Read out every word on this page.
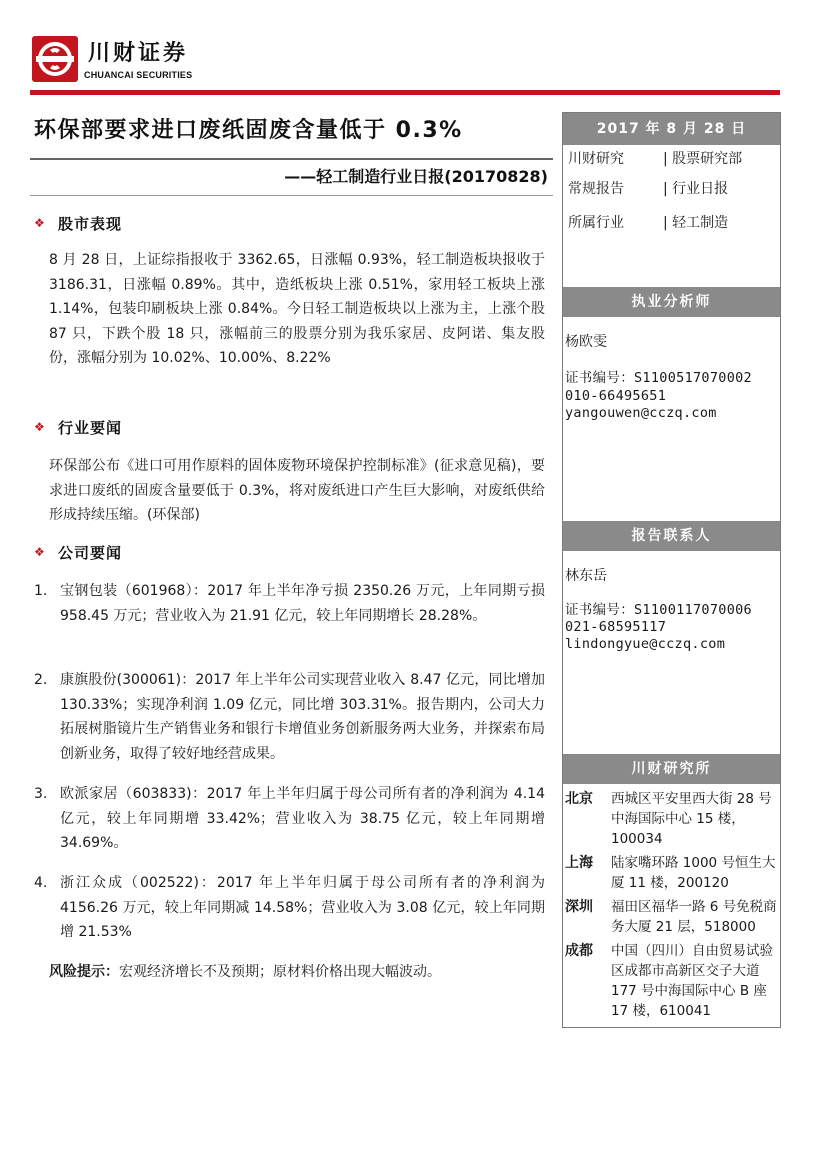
川财证券
CHUANCAI SECURITIES
环保部要求进口废纸固废含量低于 0.3%
——轻工制造行业日报(20170828)
❖ 股市表现
8 月 28 日，上证综指报收于 3362.65，日涨幅 0.93%，轻工制造板块报收于 3186.31，日涨幅 0.89%。其中，造纸板块上涨 0.51%，家用轻工板块上涨 1.14%，包装印刷板块上涨 0.84%。今日轻工制造板块以上涨为主，上涨个股 87 只，下跌个股 18 只，涨幅前三的股票分别为我乐家居、皮阿诺、集友股份，涨幅分别为 10.02%、10.00%、8.22%
❖ 行业要闻
环保部公布《进口可用作原料的固体废物环境保护控制标准》(征求意见稿)，要求进口废纸的固废含量要低于 0.3%，将对废纸进口产生巨大影响，对废纸供给形成持续压缩。(环保部)
❖ 公司要闻
1. 宝钢包装（601968）：2017 年上半年净亏损 2350.26 万元，上年同期亏损 958.45 万元；营业收入为 21.91 亿元，较上年同期增长 28.28%。
2. 康旗股份(300061)：2017 年上半年公司实现营业收入 8.47 亿元，同比增加 130.33%；实现净利润 1.09 亿元，同比增 303.31%。报告期内，公司大力拓展树脂镜片生产销售业务和银行卡增值业务创新服务两大业务，并探索布局创新业务，取得了较好地经营成果。
3. 欧派家居（603833)：2017 年上半年归属于母公司所有者的净利润为 4.14 亿元，较上年同期增 33.42%；营业收入为 38.75 亿元，较上年同期增 34.69%。
4. 浙江众成（002522)：2017 年上半年归属于母公司所有者的净利润为 4156.26 万元，较上年同期减 14.58%；营业收入为 3.08 亿元，较上年同期增 21.53%
风险提示：宏观经济增长不及预期；原材料价格出现大幅波动。
2017 年 8 月 28 日
川财研究	| 股票研究部
常规报告	| 行业日报
所属行业	| 轻工制造
执业分析师
杨欧雯
证书编号：S1100517070002
010-66495651
yangouwen@cczq.com
报告联系人
林东岳
证书编号：S1100117070006
021-68595117
lindongyue@cczq.com
川财研究所
北京	西城区平安里西大街 28 号中海国际中心 15 楼，100034
上海	陆家嘴环路 1000 号恒生大厦 11 楼，200120
深圳	福田区福华一路 6 号免税商务大厦 21 层，518000
成都	中国（四川）自由贸易试验区成都市高新区交子大道 177 号中海国际中心 B 座 17 楼，610041
